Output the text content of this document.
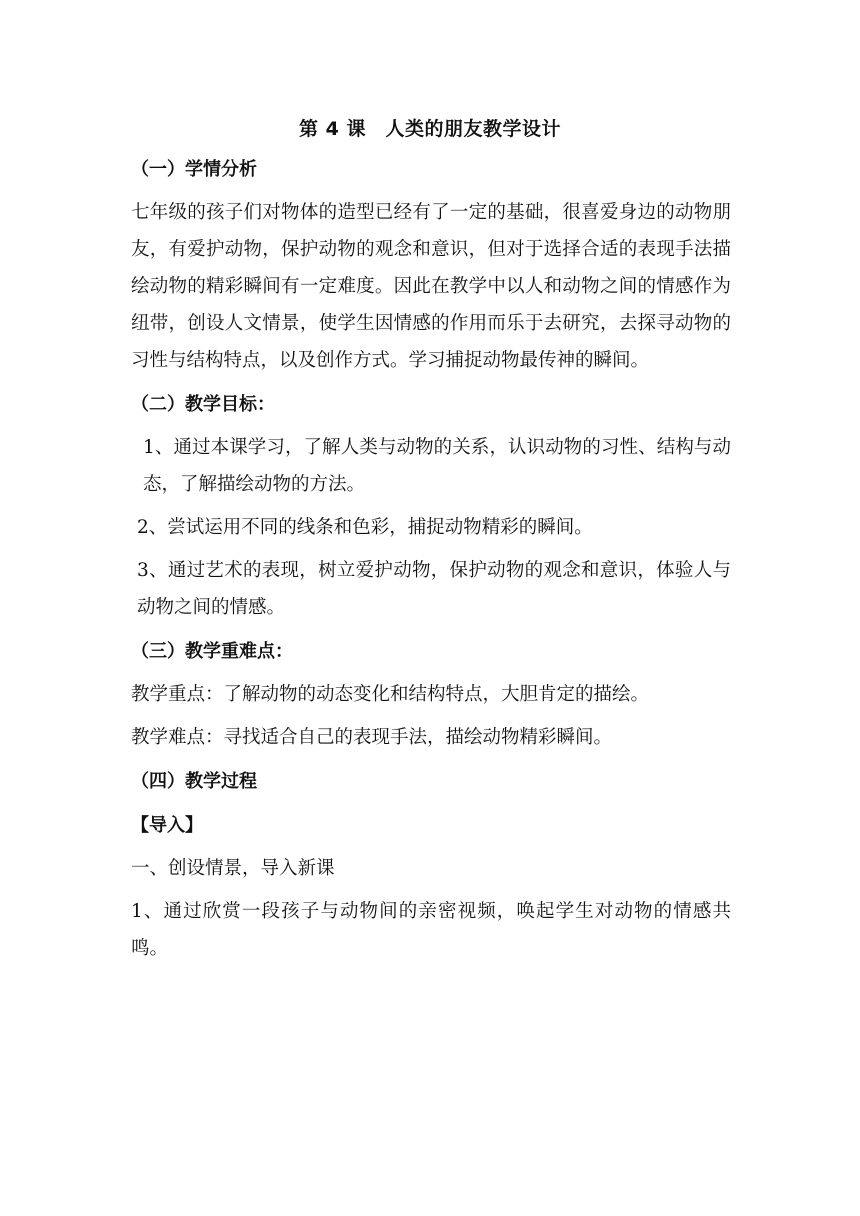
第 4 课　人类的朋友教学设计
（一）学情分析
七年级的孩子们对物体的造型已经有了一定的基础，很喜爱身边的动物朋友，有爱护动物，保护动物的观念和意识，但对于选择合适的表现手法描绘动物的精彩瞬间有一定难度。因此在教学中以人和动物之间的情感作为纽带，创设人文情景，使学生因情感的作用而乐于去研究，去探寻动物的习性与结构特点，以及创作方式。学习捕捉动物最传神的瞬间。
（二）教学目标：
1、通过本课学习，了解人类与动物的关系，认识动物的习性、结构与动态，了解描绘动物的方法。
2、尝试运用不同的线条和色彩，捕捉动物精彩的瞬间。
3、通过艺术的表现，树立爱护动物，保护动物的观念和意识，体验人与动物之间的情感。
（三）教学重难点：
教学重点：了解动物的动态变化和结构特点，大胆肯定的描绘。
教学难点：寻找适合自己的表现手法，描绘动物精彩瞬间。
（四）教学过程
【导入】
一、创设情景，导入新课
1、通过欣赏一段孩子与动物间的亲密视频，唤起学生对动物的情感共鸣。
